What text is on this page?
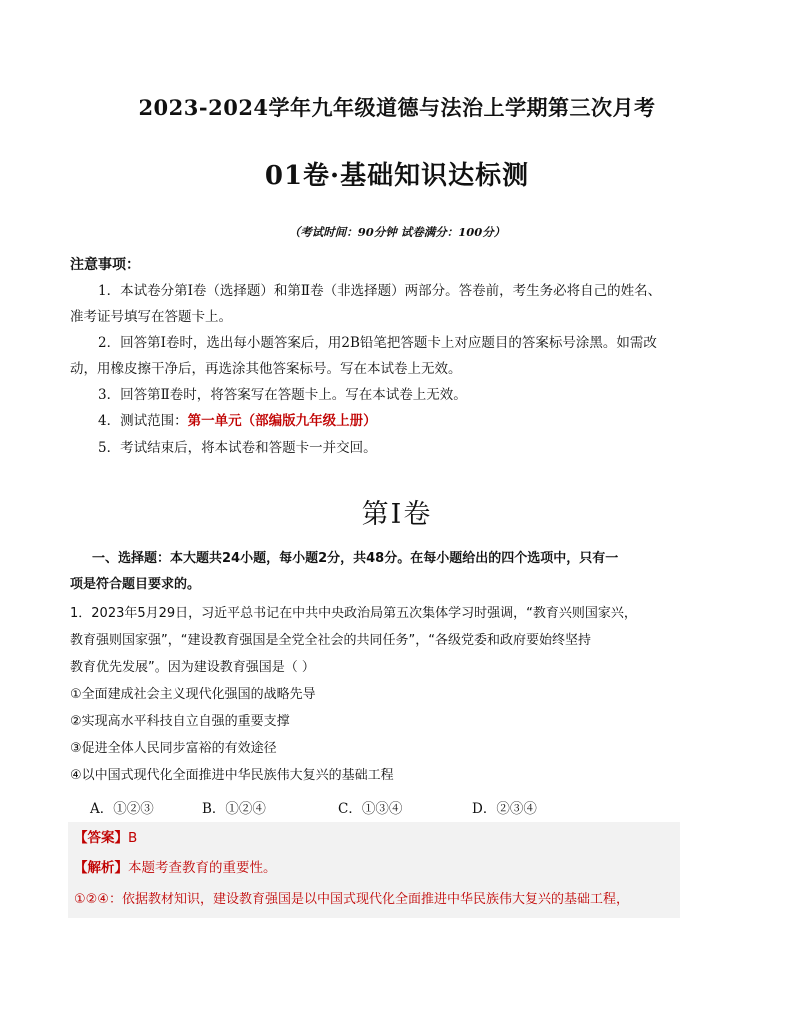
2023-2024学年九年级道德与法治上学期第三次月考
01卷·基础知识达标测
（考试时间：90分钟 试卷满分：100分）
注意事项：
1．本试卷分第Ⅰ卷（选择题）和第Ⅱ卷（非选择题）两部分。答卷前，考生务必将自己的姓名、
准考证号填写在答题卡上。
2．回答第Ⅰ卷时，选出每小题答案后，用2B铅笔把答题卡上对应题目的答案标号涂黑。如需改
动，用橡皮擦干净后，再选涂其他答案标号。写在本试卷上无效。
3．回答第Ⅱ卷时，将答案写在答题卡上。写在本试卷上无效。
4．测试范围：第一单元（部编版九年级上册）
5．考试结束后，将本试卷和答题卡一并交回。
第Ⅰ卷
一、选择题：本大题共24小题，每小题2分，共48分。在每小题给出的四个选项中，只有一
项是符合题目要求的。
1．2023年5月29日，习近平总书记在中共中央政治局第五次集体学习时强调，“教育兴则国家兴，
教育强则国家强”，“建设教育强国是全党全社会的共同任务”，“各级党委和政府要始终坚持
教育优先发展”。因为建设教育强国是（ ）
①全面建成社会主义现代化强国的战略先导
②实现高水平科技自立自强的重要支撑
③促进全体人民同步富裕的有效途径
④以中国式现代化全面推进中华民族伟大复兴的基础工程
A．①②③	B．①②④	C．①③④	D．②③④
【答案】B
【解析】本题考查教育的重要性。
①②④：依据教材知识，建设教育强国是以中国式现代化全面推进中华民族伟大复兴的基础工程，
